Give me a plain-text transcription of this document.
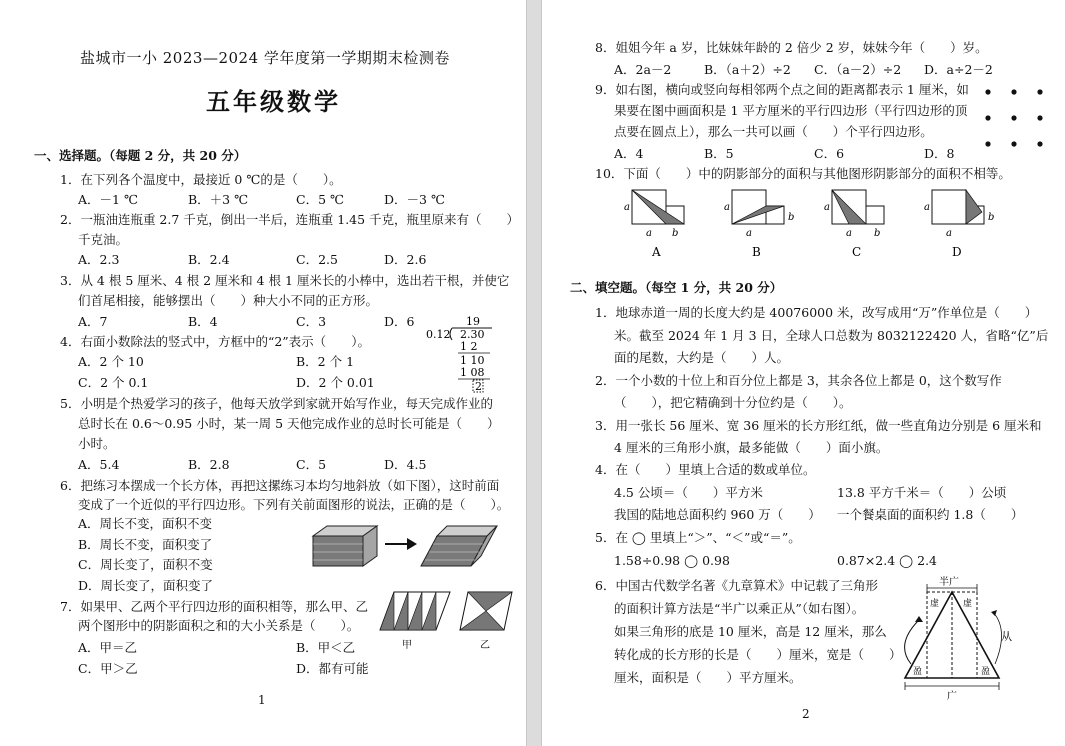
盐城市一小 2023—2024 学年度第一学期期末检测卷
五年级数学
一、选择题。（每题 2 分，共 20 分）
1．在下列各个温度中，最接近 0 ℃的是（　　）。
A．－1 ℃	B．＋3 ℃	C．5 ℃	D．－3 ℃
2．一瓶油连瓶重 2.7 千克，倒出一半后，连瓶重 1.45 千克，瓶里原来有（　　）
千克油。
A．2.3	B．2.4	C．2.5	D．2.6
3．从 4 根 5 厘米、4 根 2 厘米和 4 根 1 厘米长的小棒中，选出若干根，并使它
们首尾相接，能够摆出（　　）种大小不同的正方形。
A．7	B．4	C．3	D．6
4．右面小数除法的竖式中，方框中的“2”表示（　　）。
A．2 个 10	B．2 个 1
C．2 个 0.1	D．2 个 0.01
19
0.12 2.30
1 2
1 10
1 08
2
5．小明是个热爱学习的孩子，他每天放学到家就开始写作业，每天完成作业的
总时长在 0.6～0.95 小时，某一周 5 天他完成作业的总时长可能是（　　）
小时。
A．5.4	B．2.8	C．5	D．4.5
6．把练习本摆成一个长方体，再把这摞练习本均匀地斜放（如下图），这时前面
变成了一个近似的平行四边形。下列有关前面图形的说法，正确的是（　　）。
A．周长不变，面积不变
B．周长不变，面积变了
C．周长变了，面积不变
D．周长变了，面积变了
7．如果甲、乙两个平行四边形的面积相等，那么甲、乙
两个图形中的阴影面积之和的大小关系是（　　）。
A．甲＝乙	B．甲＜乙
C．甲＞乙	D．都有可能
甲	乙
1
8．姐姐今年 a 岁，比妹妹年龄的 2 倍少 2 岁，妹妹今年（　　）岁。
A．2a－2	B．（a＋2）÷2 C．（a－2）÷2 D．a÷2－2
9．如右图，横向或竖向每相邻两个点之间的距离都表示 1 厘米，如
果要在图中画面积是 1 平方厘米的平行四边形（平行四边形的顶
点要在圆点上），那么一共可以画（　　）个平行四边形。
A．4	B．5	C．6	D．8
10．下面（　　）中的阴影部分的面积与其他图形阴影部分的面积不相等。
a
a b
a
a
b
a
a b
a
a
b
A	B	C	D
二、填空题。（每空 1 分，共 20 分）
1．地球赤道一周的长度大约是 40076000 米，改写成用“万”作单位是（　　）
米。截至 2024 年 1 月 3 日，全球人口总数为 8032122420 人，省略“亿”后
面的尾数，大约是（　　）人。
2．一个小数的十位上和百分位上都是 3，其余各位上都是 0，这个数写作
（　　），把它精确到十分位约是（　　）。
3．用一张长 56 厘米、宽 36 厘米的长方形红纸，做一些直角边分别是 6 厘米和
4 厘米的三角形小旗，最多能做（　　）面小旗。
4．在（　　）里填上合适的数或单位。
4.5 公顷＝（　　）平方米	13.8 平方千米＝（　　）公顷
我国的陆地总面积约 960 万（　　） 一个餐桌面的面积约 1.8（　　）
5．在 ◯ 里填上“＞”、“＜”或“＝”。
1.58÷0.98 ◯ 0.98	0.87×2.4 ◯ 2.4
6．中国古代数学名著《九章算术》中记载了三角形
的面积计算方法是“半广以乘正从”（如右图）。
如果三角形的底是 10 厘米，高是 12 厘米，那么
转化成的长方形的长是（　　）厘米，宽是（　　）
厘米，面积是（　　）平方厘米。
半广
虚	虚
盈	盈
从
广
2
